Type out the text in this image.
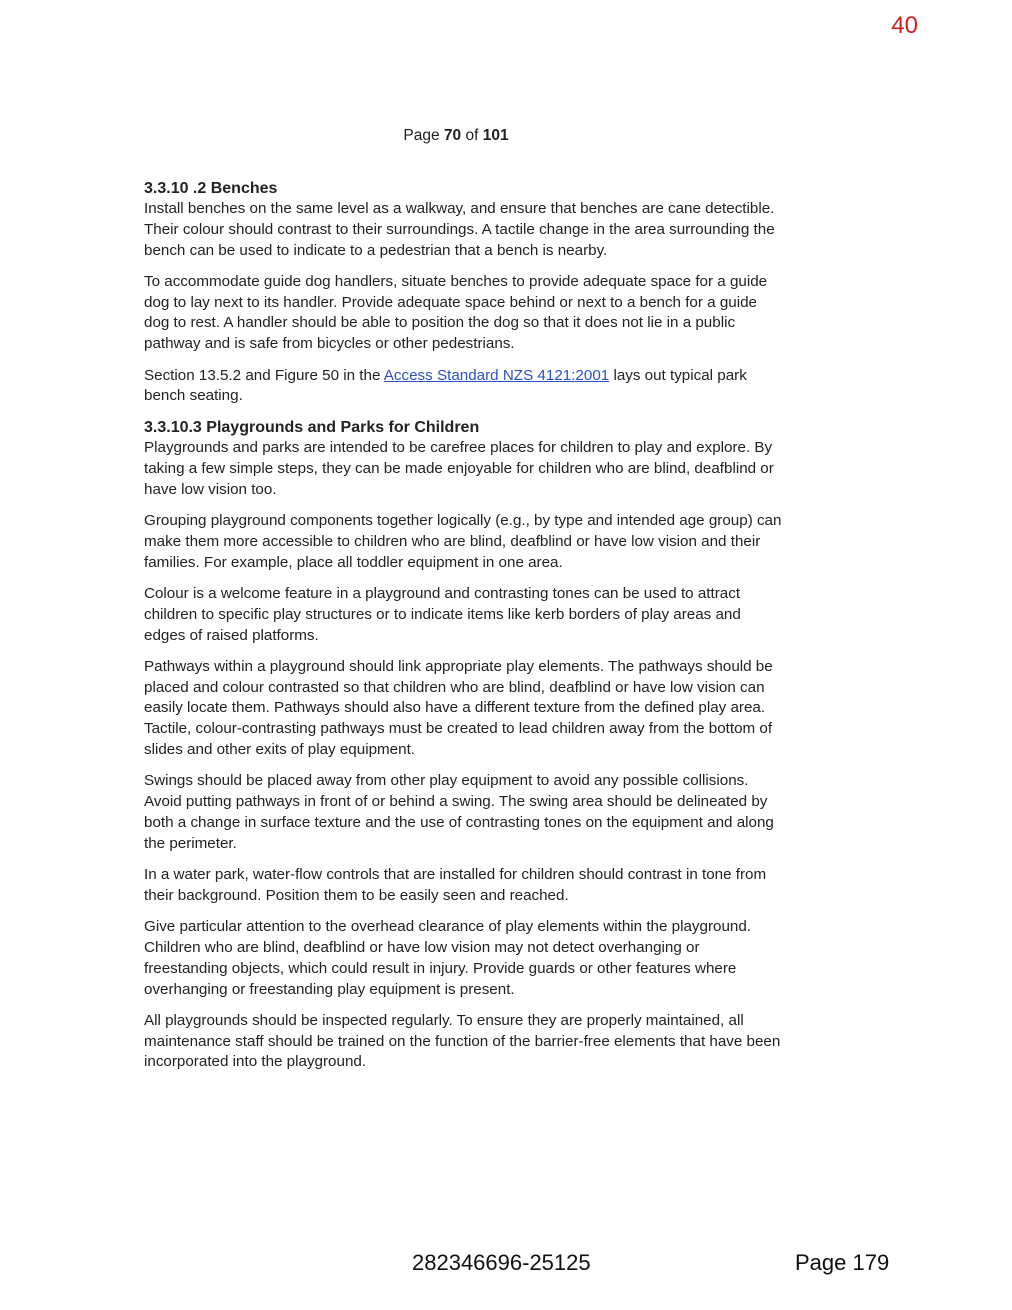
40
Page 70 of 101

3.3.10 .2 Benches

Install benches on the same level as a walkway, and ensure that benches are cane detectible. Their colour should contrast to their surroundings. A tactile change in the area surrounding the bench can be used to indicate to a pedestrian that a bench is nearby.

To accommodate guide dog handlers, situate benches to provide adequate space for a guide dog to lay next to its handler. Provide adequate space behind or next to a bench for a guide dog to rest. A handler should be able to position the dog so that it does not lie in a public pathway and is safe from bicycles or other pedestrians.

Section 13.5.2 and Figure 50 in the Access Standard NZS 4121:2001 lays out typical park bench seating.

3.3.10.3 Playgrounds and Parks for Children

Playgrounds and parks are intended to be carefree places for children to play and explore. By taking a few simple steps, they can be made enjoyable for children who are blind, deafblind or have low vision too.

Grouping playground components together logically (e.g., by type and intended age group) can make them more accessible to children who are blind, deafblind or have low vision and their families. For example, place all toddler equipment in one area.

Colour is a welcome feature in a playground and contrasting tones can be used to attract children to specific play structures or to indicate items like kerb borders of play areas and edges of raised platforms.

Pathways within a playground should link appropriate play elements. The pathways should be placed and colour contrasted so that children who are blind, deafblind or have low vision can easily locate them. Pathways should also have a different texture from the defined play area. Tactile, colour-contrasting pathways must be created to lead children away from the bottom of slides and other exits of play equipment.

Swings should be placed away from other play equipment to avoid any possible collisions. Avoid putting pathways in front of or behind a swing. The swing area should be delineated by both a change in surface texture and the use of contrasting tones on the equipment and along the perimeter.

In a water park, water-flow controls that are installed for children should contrast in tone from their background. Position them to be easily seen and reached.

Give particular attention to the overhead clearance of play elements within the playground. Children who are blind, deafblind or have low vision may not detect overhanging or freestanding objects, which could result in injury. Provide guards or other features where overhanging or freestanding play equipment is present.

All playgrounds should be inspected regularly. To ensure they are properly maintained, all maintenance staff should be trained on the function of the barrier-free elements that have been incorporated into the playground.

282346696-25125	Page 179
